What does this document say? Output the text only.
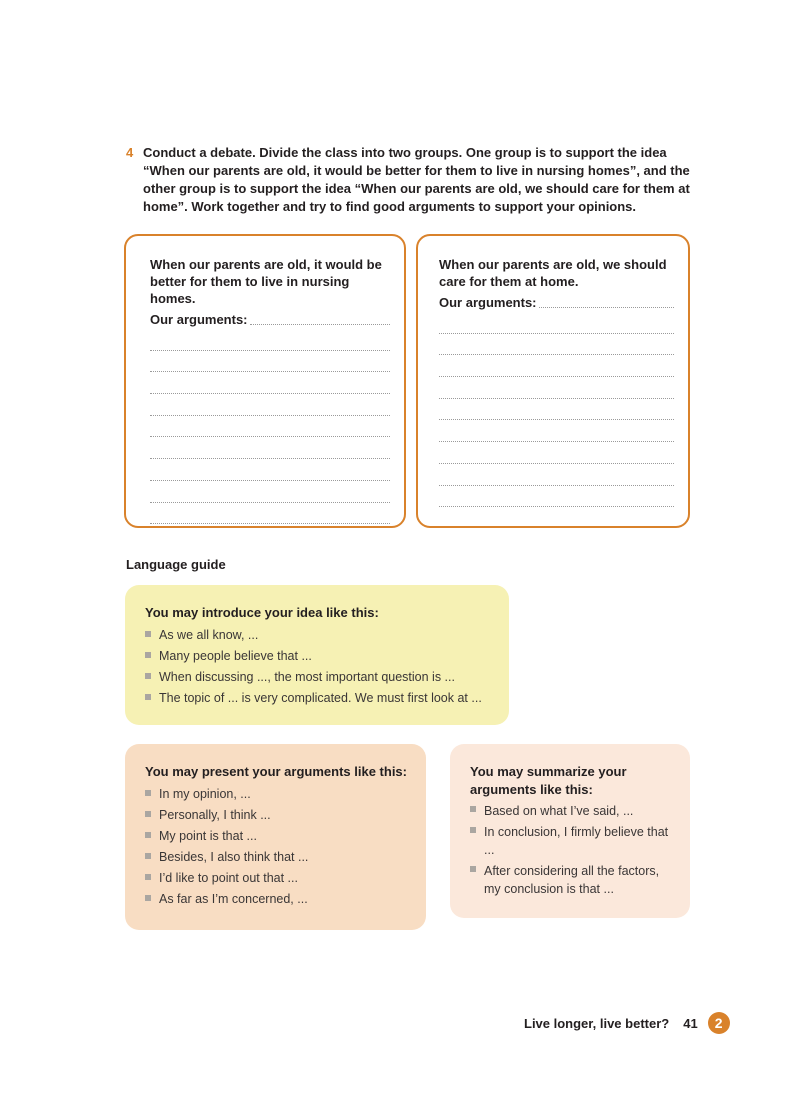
4 Conduct a debate. Divide the class into two groups. One group is to support the idea “When our parents are old, it would be better for them to live in nursing homes”, and the other group is to support the idea “When our parents are old, we should care for them at home”. Work together and try to find good arguments to support your opinions.
When our parents are old, it would be better for them to live in nursing homes.
Our arguments:
When our parents are old, we should care for them at home.
Our arguments:
Language guide
You may introduce your idea like this:
As we all know, ...
Many people believe that ...
When discussing ..., the most important question is ...
The topic of ... is very complicated. We must first look at ...
You may present your arguments like this:
In my opinion, ...
Personally, I think ...
My point is that ...
Besides, I also think that ...
I’d like to point out that ...
As far as I’m concerned, ...
You may summarize your arguments like this:
Based on what I’ve said, ...
In conclusion, I firmly believe that ...
After considering all the factors, my conclusion is that ...
Live longer, live better? 41	2
